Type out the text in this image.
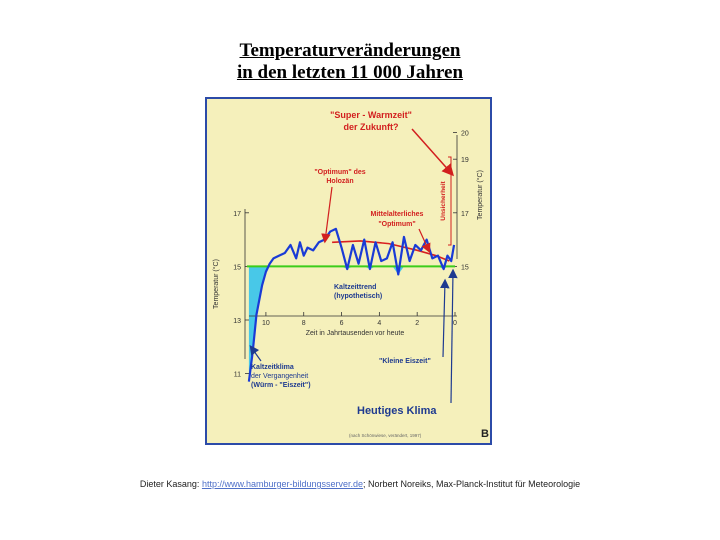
Temperaturveränderungen
in den letzten 11 000 Jahren
11
13
15
17
15
17
19
20
10	8	6	4	2	0
"Super - Warmzeit"
der Zukunft?
"Optimum" des
Holozän
Mittelalterliches
"Optimum"
Unsicherheit
Kaltzeittrend
(hypothetisch)
Zeit in Jahrtausenden vor heute
Temperatur (°C)
Temperatur (°C)
Kaltzeitklima
der Vergangenheit
(Würm - "Eiszeit")
"Kleine Eiszeit"
Heutiges Klima
(nach Schönwiese, verändert, 1997)	B
Dieter Kasang: http://www.hamburger-bildungsserver.de; Norbert Noreiks, Max-Planck-Institut für Meteorologie
